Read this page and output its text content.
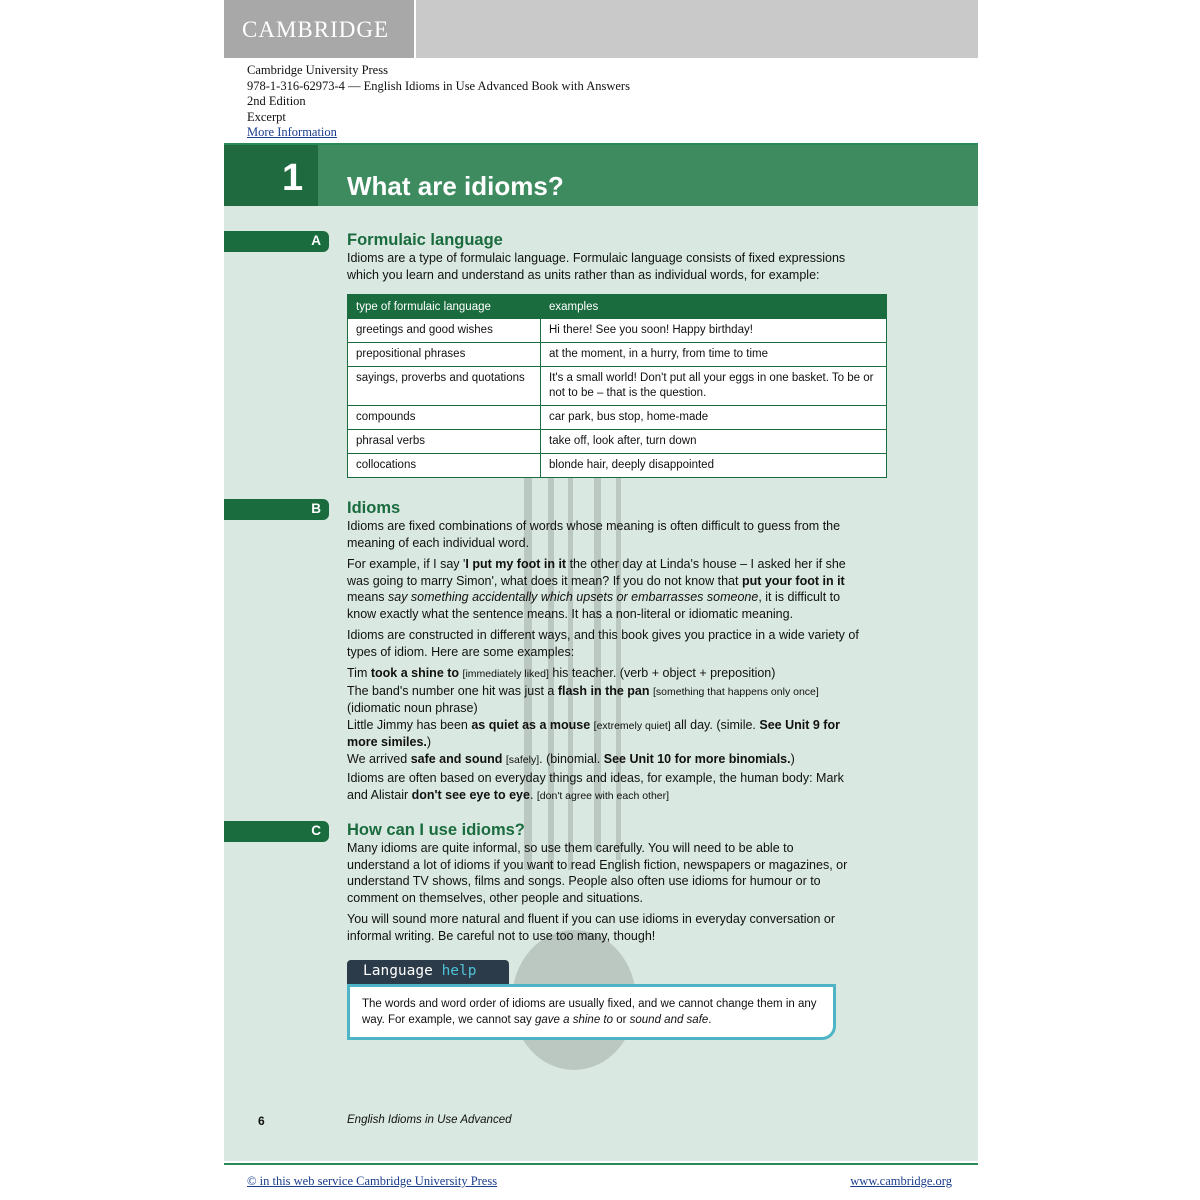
CAMBRIDGE
Cambridge University Press
978-1-316-62973-4 — English Idioms in Use Advanced Book with Answers
2nd Edition
Excerpt
More Information
1 What are idioms?
A Formulaic language
Idioms are a type of formulaic language. Formulaic language consists of fixed expressions which you learn and understand as units rather than as individual words, for example:
type of formulaic language	examples
greetings and good wishes	Hi there! See you soon! Happy birthday!
prepositional phrases	at the moment, in a hurry, from time to time
sayings, proverbs and quotations	It's a small world! Don't put all your eggs in one basket. To be or not to be – that is the question.
compounds	car park, bus stop, home-made
phrasal verbs	take off, look after, turn down
collocations	blonde hair, deeply disappointed
B Idioms
Idioms are fixed combinations of words whose meaning is often difficult to guess from the meaning of each individual word.
For example, if I say 'I put my foot in it the other day at Linda's house – I asked her if she was going to marry Simon', what does it mean? If you do not know that put your foot in it means say something accidentally which upsets or embarrasses someone, it is difficult to know exactly what the sentence means. It has a non-literal or idiomatic meaning.
Idioms are constructed in different ways, and this book gives you practice in a wide variety of types of idiom. Here are some examples:
Tim took a shine to [immediately liked] his teacher. (verb + object + preposition)
The band's number one hit was just a flash in the pan [something that happens only once]
(idiomatic noun phrase)
Little Jimmy has been as quiet as a mouse [extremely quiet] all day. (simile. See Unit 9 for more similes.)
We arrived safe and sound [safely]. (binomial. See Unit 10 for more binomials.)
Idioms are often based on everyday things and ideas, for example, the human body: Mark and Alistair don't see eye to eye. [don't agree with each other]
C How can I use idioms?
Many idioms are quite informal, so use them carefully. You will need to be able to understand a lot of idioms if you want to read English fiction, newspapers or magazines, or understand TV shows, films and songs. People also often use idioms for humour or to comment on themselves, other people and situations.
You will sound more natural and fluent if you can use idioms in everyday conversation or informal writing. Be careful not to use too many, though!
Language help
The words and word order of idioms are usually fixed, and we cannot change them in any way. For example, we cannot say gave a shine to or sound and safe.
6	English Idioms in Use Advanced
© in this web service Cambridge University Press	www.cambridge.org
